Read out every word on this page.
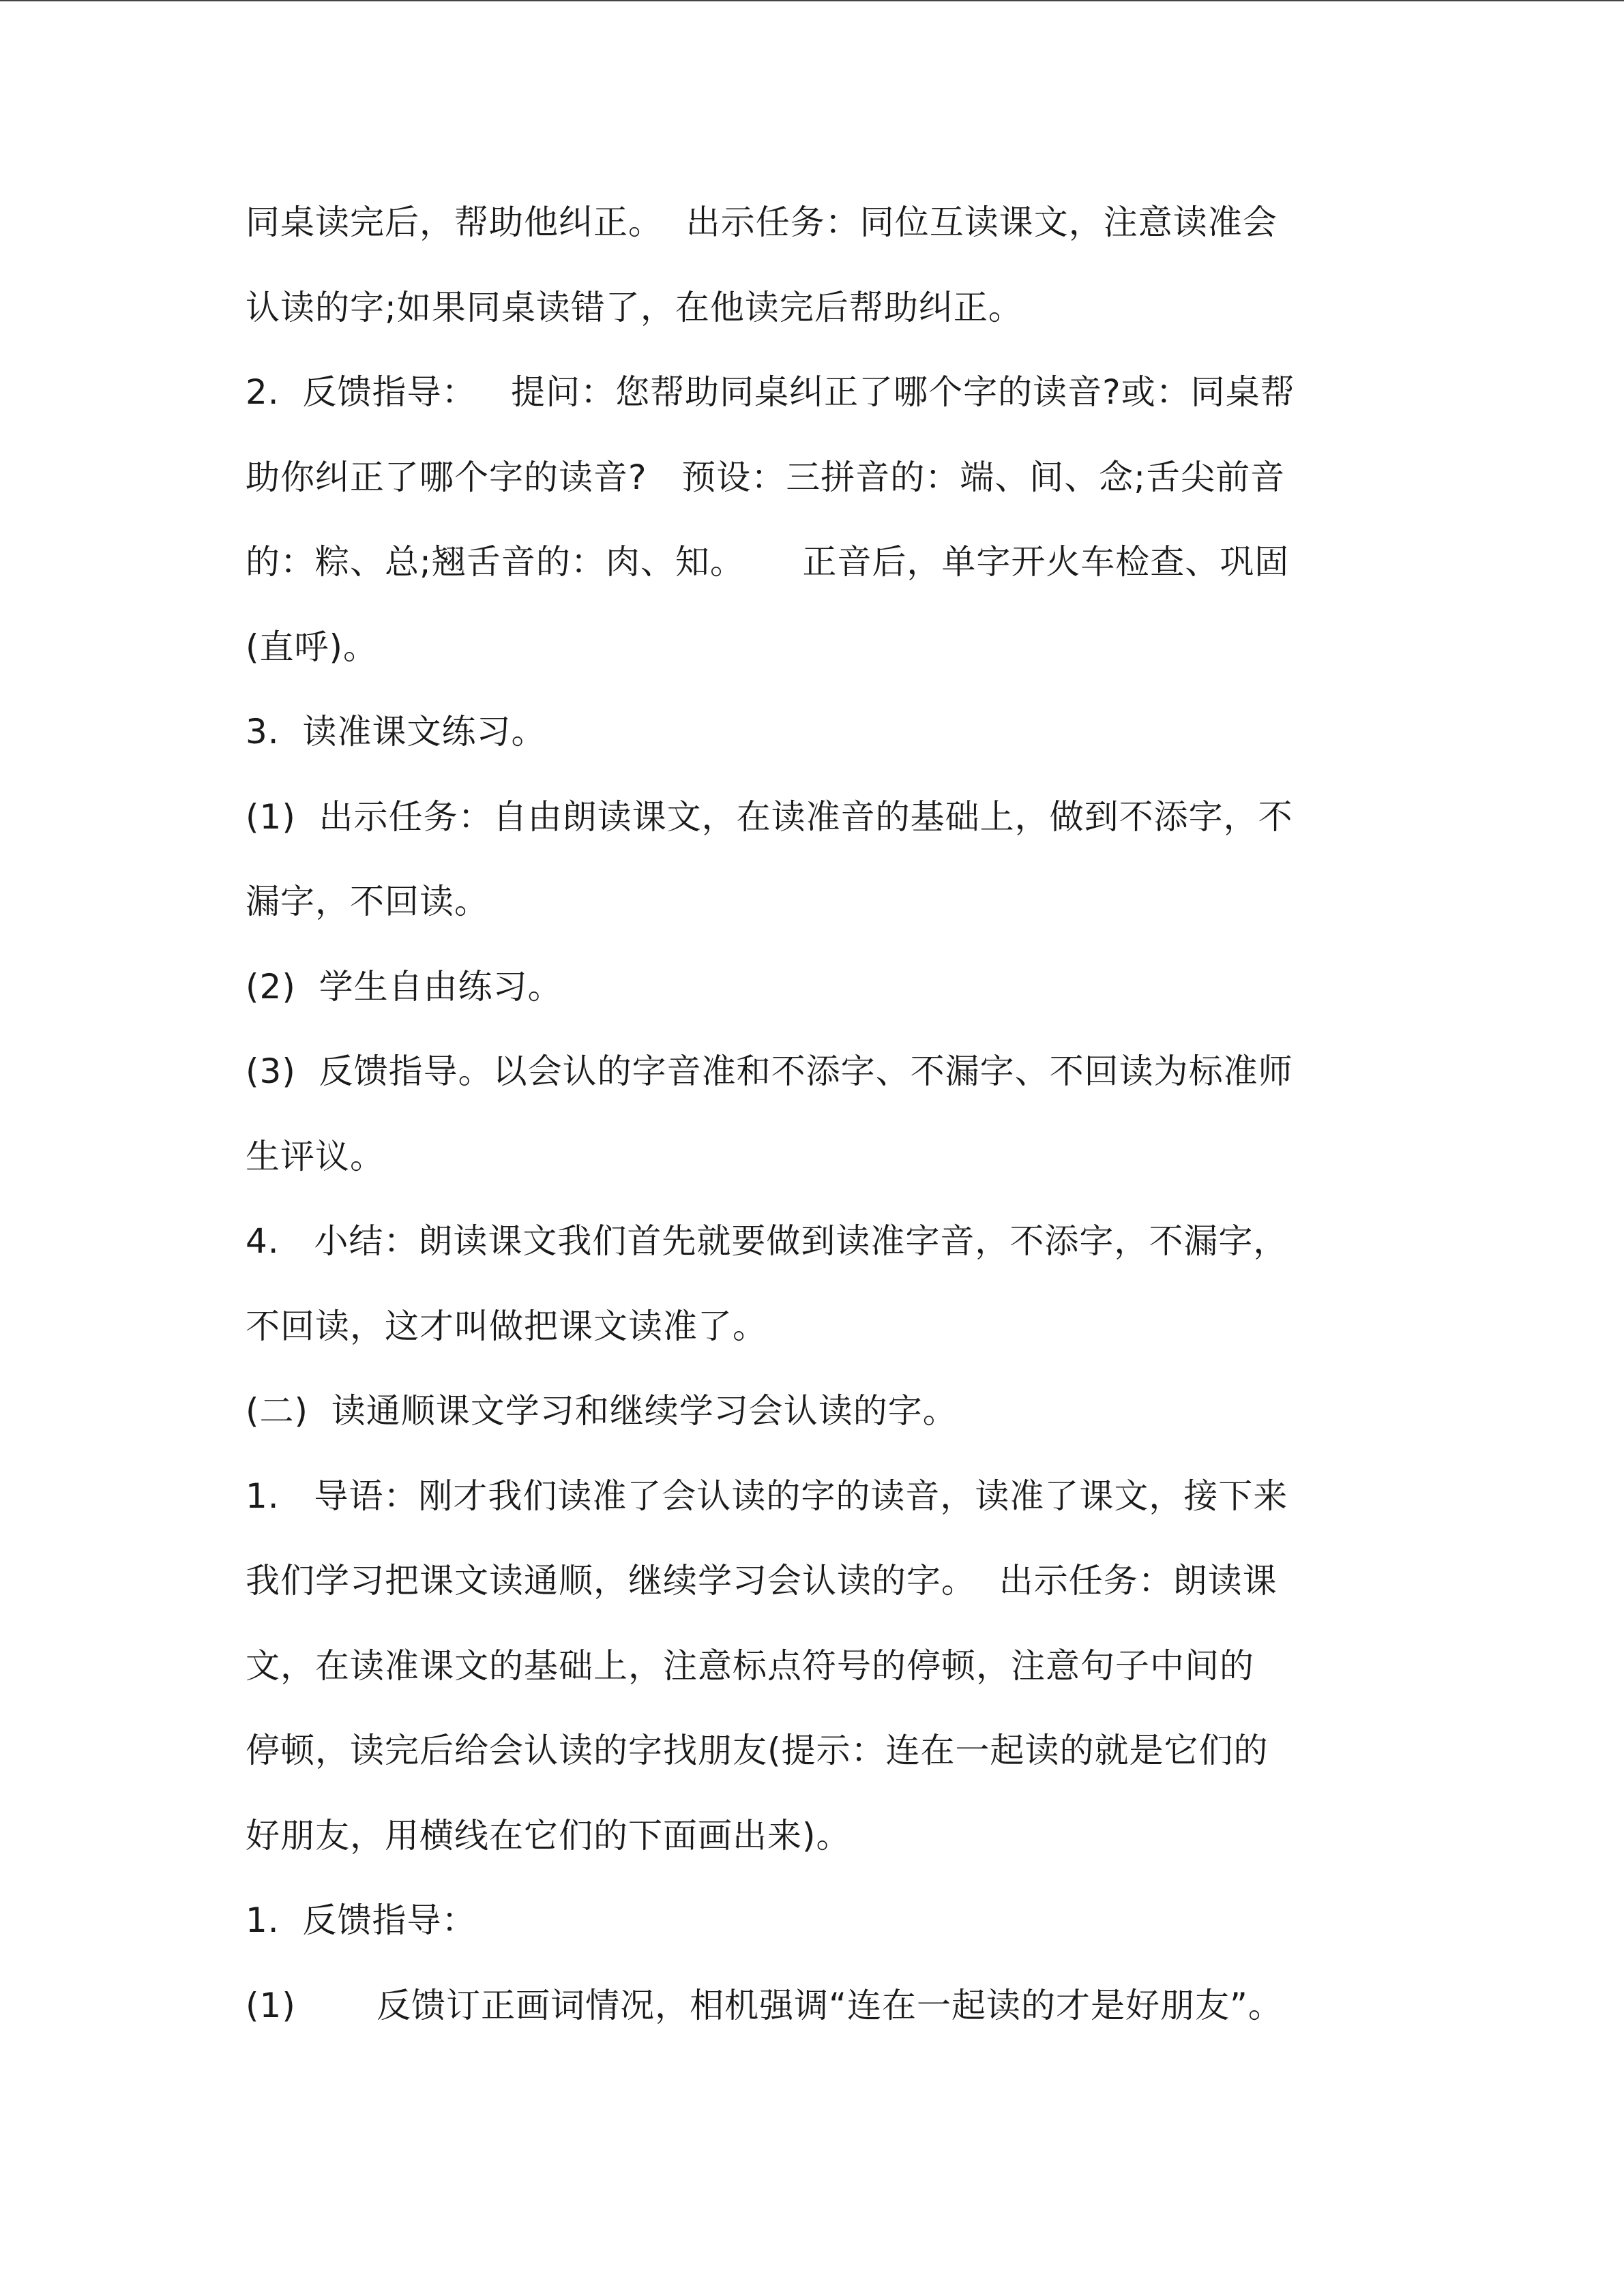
同桌读完后，帮助他纠正。  出示任务：同位互读课文，注意读准会
认读的字;如果同桌读错了，在他读完后帮助纠正。
2.  反馈指导：   提问：您帮助同桌纠正了哪个字的读音?或：同桌帮
助你纠正了哪个字的读音?   预设：三拼音的：端、间、念;舌尖前音
的：粽、总;翘舌音的：肉、知。     正音后，单字开火车检查、巩固
(直呼)。
3.  读准课文练习。
(1)  出示任务：自由朗读课文，在读准音的基础上，做到不添字，不
漏字，不回读。
(2)  学生自由练习。
(3)  反馈指导。以会认的字音准和不添字、不漏字、不回读为标准师
生评议。
4.   小结：朗读课文我们首先就要做到读准字音，不添字，不漏字，
不回读，这才叫做把课文读准了。
(二)  读通顺课文学习和继续学习会认读的字。
1.   导语：刚才我们读准了会认读的字的读音，读准了课文，接下来
我们学习把课文读通顺，继续学习会认读的字。  出示任务：朗读课
文，在读准课文的基础上，注意标点符号的停顿，注意句子中间的
停顿，读完后给会认读的字找朋友(提示：连在一起读的就是它们的
好朋友，用横线在它们的下面画出来)。
1.  反馈指导：
(1)       反馈订正画词情况，相机强调“连在一起读的才是好朋友”。
